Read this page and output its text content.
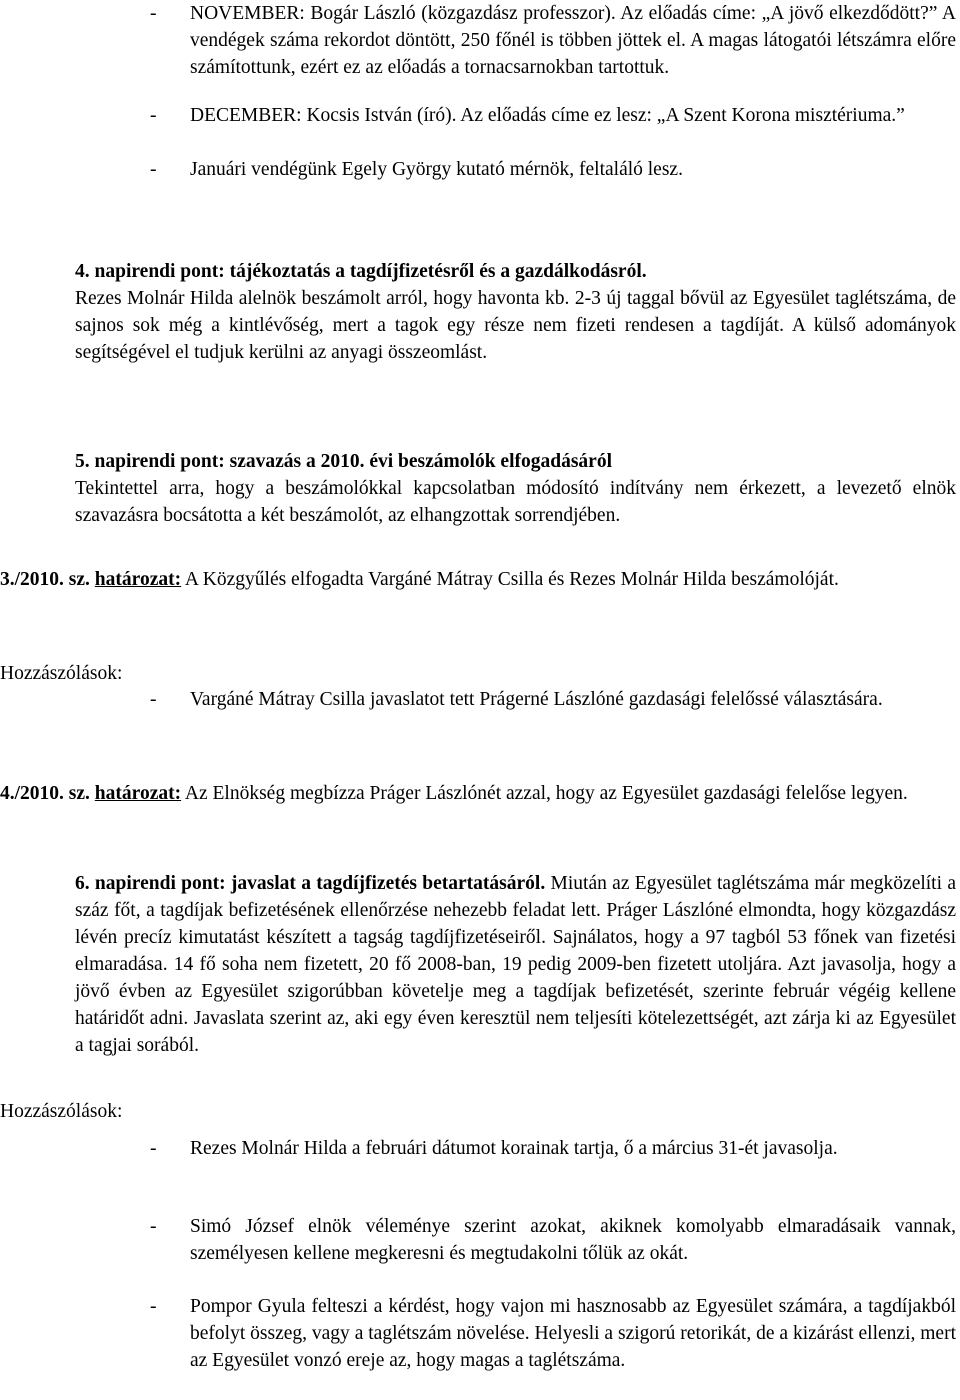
- NOVEMBER: Bogár László (közgazdász professzor). Az előadás címe: „A jövő elkezdődött?” A vendégek száma rekordot döntött, 250 főnél is többen jöttek el. A magas látogatói létszámra előre számítottunk, ezért ez az előadás a tornacsarnokban tartottuk.
- DECEMBER: Kocsis István (író). Az előadás címe ez lesz: „A Szent Korona misztériuma.”
- Januári vendégünk Egely György kutató mérnök, feltaláló lesz.

4. napirendi pont: tájékoztatás a tagdíjfizetésről és a gazdálkodásról.
Rezes Molnár Hilda alelnök beszámolt arról, hogy havonta kb. 2-3 új taggal bővül az Egyesület taglétszáma, de sajnos sok még a kintlévőség, mert a tagok egy része nem fizeti rendesen a tagdíját. A külső adományok segítségével el tudjuk kerülni az anyagi összeomlást.

5. napirendi pont: szavazás a 2010. évi beszámolók elfogadásáról
Tekintettel arra, hogy a beszámolókkal kapcsolatban módosító indítvány nem érkezett, a levezető elnök szavazásra bocsátotta a két beszámolót, az elhangzottak sorrendjében.

3./2010. sz. határozat: A Közgyűlés elfogadta Vargáné Mátray Csilla és Rezes Molnár Hilda beszámolóját.

Hozzászólások:

- Vargáné Mátray Csilla javaslatot tett Prágerné Lászlóné gazdasági felelőssé választására.

4./2010. sz. határozat: Az Elnökség megbízza Práger Lászlónét azzal, hogy az Egyesület gazdasági felelőse legyen.

6. napirendi pont: javaslat a tagdíjfizetés betartatásáról. Miután az Egyesület taglétszáma már megközelíti a száz főt, a tagdíjak befizetésének ellenőrzése nehezebb feladat lett. Práger Lászlóné elmondta, hogy közgazdász lévén precíz kimutatást készített a tagság tagdíjfizetéseiről. Sajnálatos, hogy a 97 tagból 53 főnek van fizetési elmaradása. 14 fő soha nem fizetett, 20 fő 2008-ban, 19 pedig 2009-ben fizetett utoljára. Azt javasolja, hogy a jövő évben az Egyesület szigorúbban követelje meg a tagdíjak befizetését, szerinte február végéig kellene határidőt adni. Javaslata szerint az, aki egy éven keresztül nem teljesíti kötelezettségét, azt zárja ki az Egyesület a tagjai sorából.

Hozzászólások:

- Rezes Molnár Hilda a februári dátumot korainak tartja, ő a március 31-ét javasolja.
- Simó József elnök véleménye szerint azokat, akiknek komolyabb elmaradásaik vannak, személyesen kellene megkeresni és megtudakolni tőlük az okát.
- Pompor Gyula felteszi a kérdést, hogy vajon mi hasznosabb az Egyesület számára, a tagdíjakból befolyt összeg, vagy a taglétszám növelése. Helyesli a szigorú retorikát, de a kizárást ellenzi, mert az Egyesület vonzó ereje az, hogy magas a taglétszáma.
